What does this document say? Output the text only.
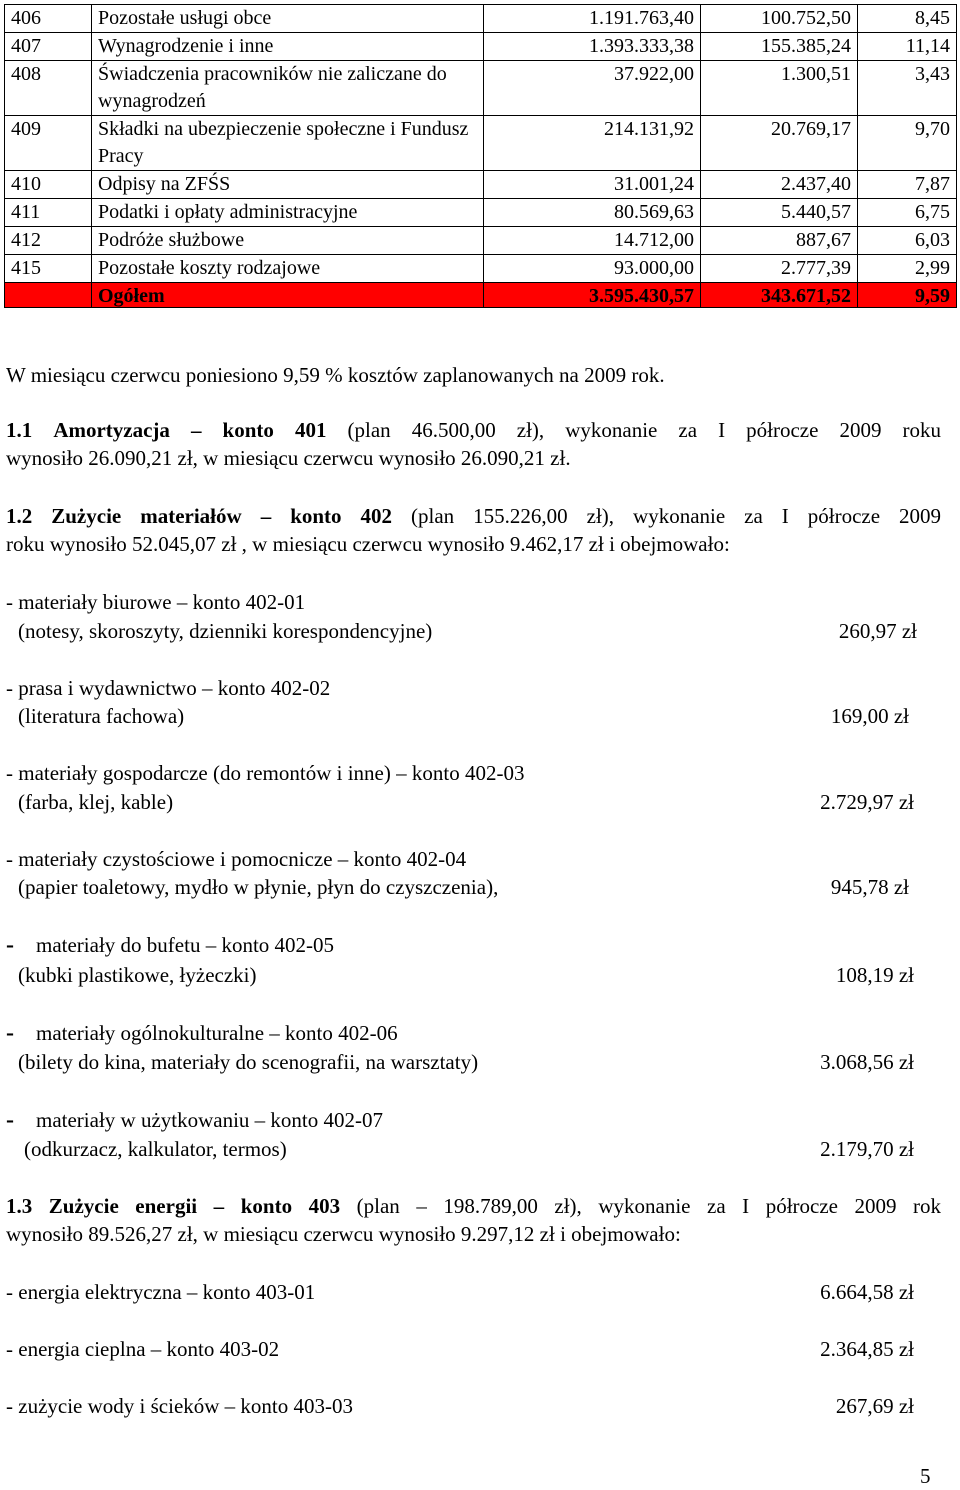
406	Pozostałe usługi obce	1.191.763,40	100.752,50	8,45
407	Wynagrodzenie i inne	1.393.333,38	155.385,24	11,14
408	Świadczenia pracowników nie zaliczane do wynagrodzeń	37.922,00	1.300,51	3,43
409	Składki na ubezpieczenie społeczne i Fundusz Pracy	214.131,92	20.769,17	9,70
410	Odpisy na ZFŚS	31.001,24	2.437,40	7,87
411	Podatki i opłaty administracyjne	80.569,63	5.440,57	6,75
412	Podróże służbowe	14.712,00	887,67	6,03
415	Pozostałe koszty rodzajowe	93.000,00	2.777,39	2,99
	Ogółem	3.595.430,57	343.671,52	9,59
W miesiącu czerwcu poniesiono 9,59 % kosztów zaplanowanych na 2009 rok.
1.1 Amortyzacja – konto 401 (plan 46.500,00 zł), wykonanie za I półrocze 2009 roku
wynosiło 26.090,21 zł, w miesiącu czerwcu wynosiło 26.090,21 zł.
1.2 Zużycie materiałów – konto 402 (plan 155.226,00 zł), wykonanie za I półrocze 2009
roku wynosiło 52.045,07 zł , w miesiącu czerwcu wynosiło 9.462,17 zł i obejmowało:
- materiały biurowe – konto 402-01
(notesy, skoroszyty, dzienniki korespondencyjne)	260,97 zł
- prasa i wydawnictwo – konto 402-02
(literatura fachowa)	169,00 zł
- materiały gospodarcze (do remontów i inne) – konto 402-03
(farba, klej, kable)	2.729,97 zł
- materiały czystościowe i pomocnicze – konto 402-04
(papier toaletowy, mydło w płynie, płyn do czyszczenia),	945,78 zł
- materiały do bufetu – konto 402-05
(kubki plastikowe, łyżeczki)	108,19 zł
- materiały ogólnokulturalne – konto 402-06
(bilety do kina, materiały do scenografii, na warsztaty)	3.068,56 zł
- materiały w użytkowaniu – konto 402-07
(odkurzacz, kalkulator, termos)	2.179,70 zł
1.3 Zużycie energii – konto 403 (plan – 198.789,00 zł), wykonanie za I półrocze 2009 rok
wynosiło 89.526,27 zł, w miesiącu czerwcu wynosiło 9.297,12 zł i obejmowało:
- energia elektryczna – konto 403-01	6.664,58 zł
- energia cieplna – konto 403-02	2.364,85 zł
- zużycie wody i ścieków – konto 403-03	267,69 zł
5
